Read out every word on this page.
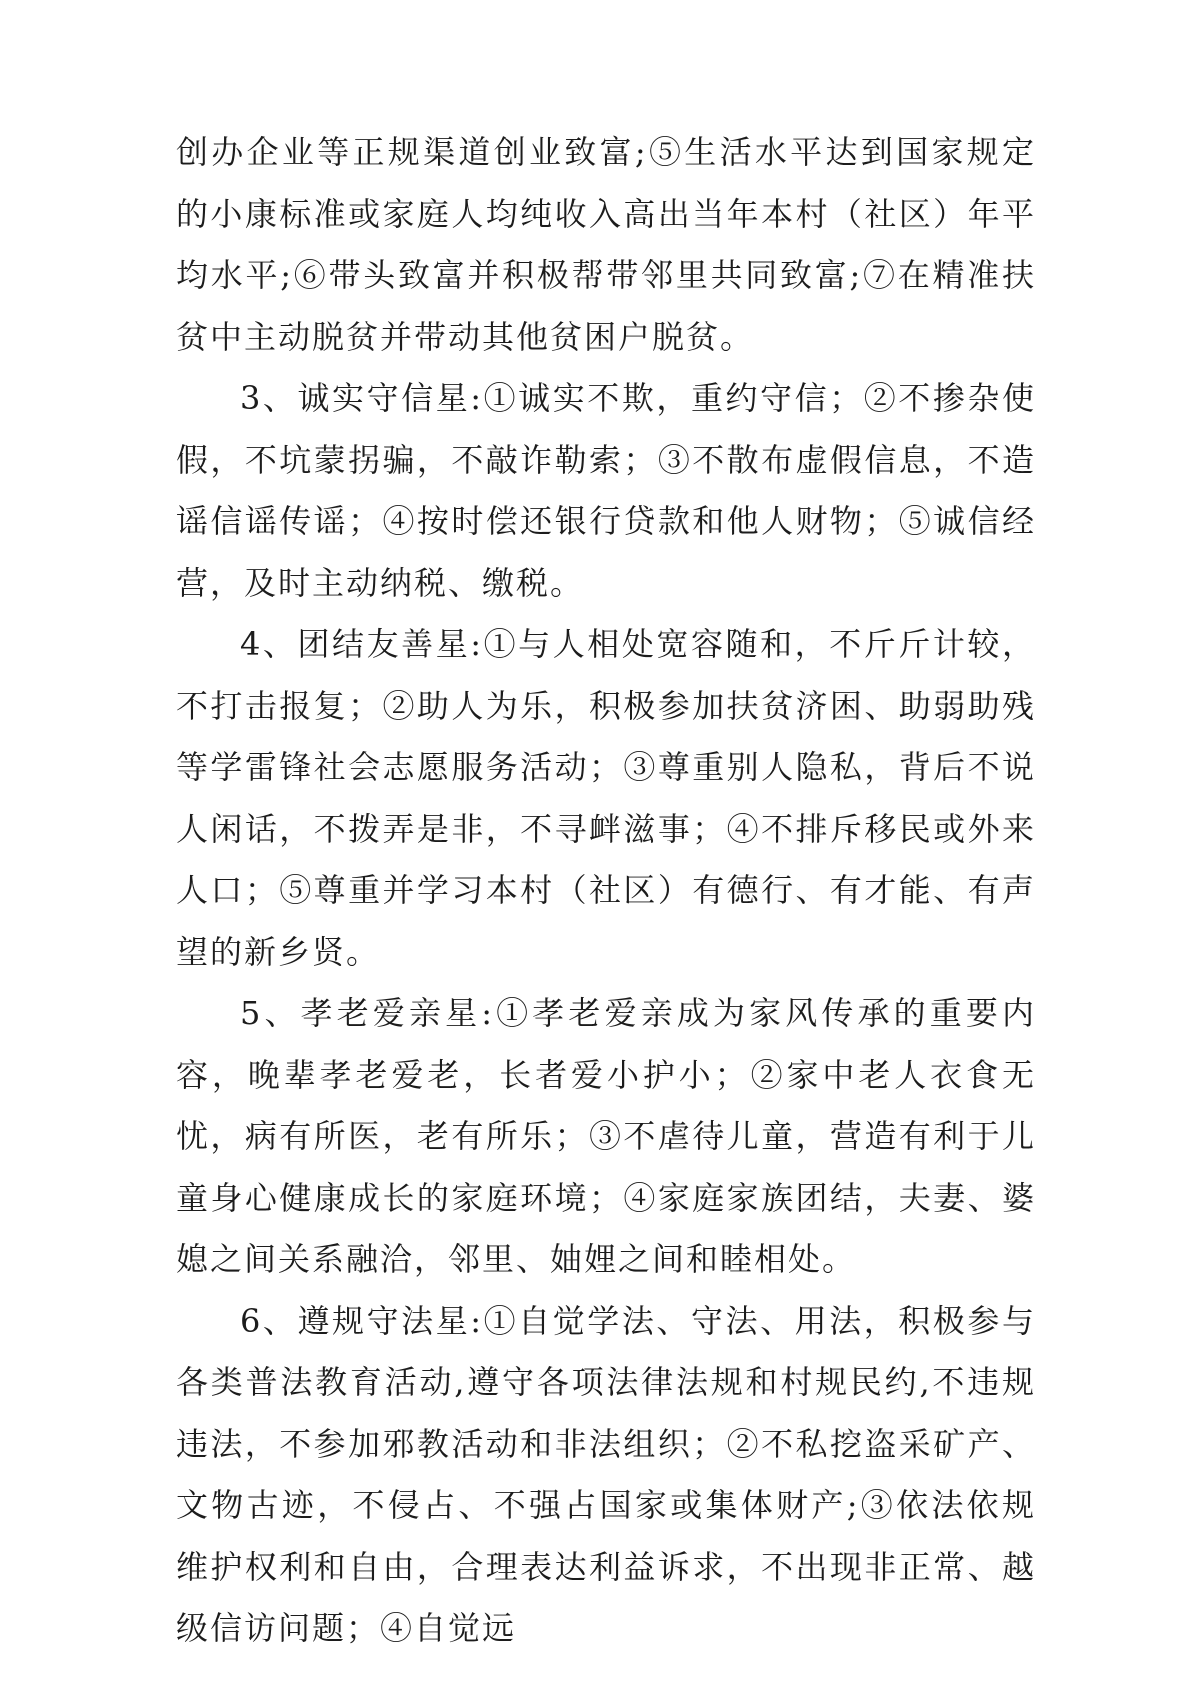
创办企业等正规渠道创业致富;⑤生活水平达到国家规定的小康标准或家庭人均纯收入高出当年本村（社区）年平均水平;⑥带头致富并积极帮带邻里共同致富;⑦在精准扶贫中主动脱贫并带动其他贫困户脱贫。

3、诚实守信星:①诚实不欺，重约守信；②不掺杂使假，不坑蒙拐骗，不敲诈勒索；③不散布虚假信息，不造谣信谣传谣；④按时偿还银行贷款和他人财物；⑤诚信经营，及时主动纳税、缴税。

4、团结友善星:①与人相处宽容随和，不斤斤计较，不打击报复；②助人为乐，积极参加扶贫济困、助弱助残等学雷锋社会志愿服务活动；③尊重别人隐私，背后不说人闲话，不拨弄是非，不寻衅滋事；④不排斥移民或外来人口；⑤尊重并学习本村（社区）有德行、有才能、有声望的新乡贤。

5、孝老爱亲星:①孝老爱亲成为家风传承的重要内容，晚辈孝老爱老，长者爱小护小；②家中老人衣食无忧，病有所医，老有所乐；③不虐待儿童，营造有利于儿童身心健康成长的家庭环境；④家庭家族团结，夫妻、婆媳之间关系融洽，邻里、妯娌之间和睦相处。

6、遵规守法星:①自觉学法、守法、用法，积极参与各类普法教育活动,遵守各项法律法规和村规民约,不违规违法，不参加邪教活动和非法组织；②不私挖盗采矿产、文物古迹，不侵占、不强占国家或集体财产;③依法依规维护权利和自由，合理表达利益诉求，不出现非正常、越级信访问题；④自觉远
